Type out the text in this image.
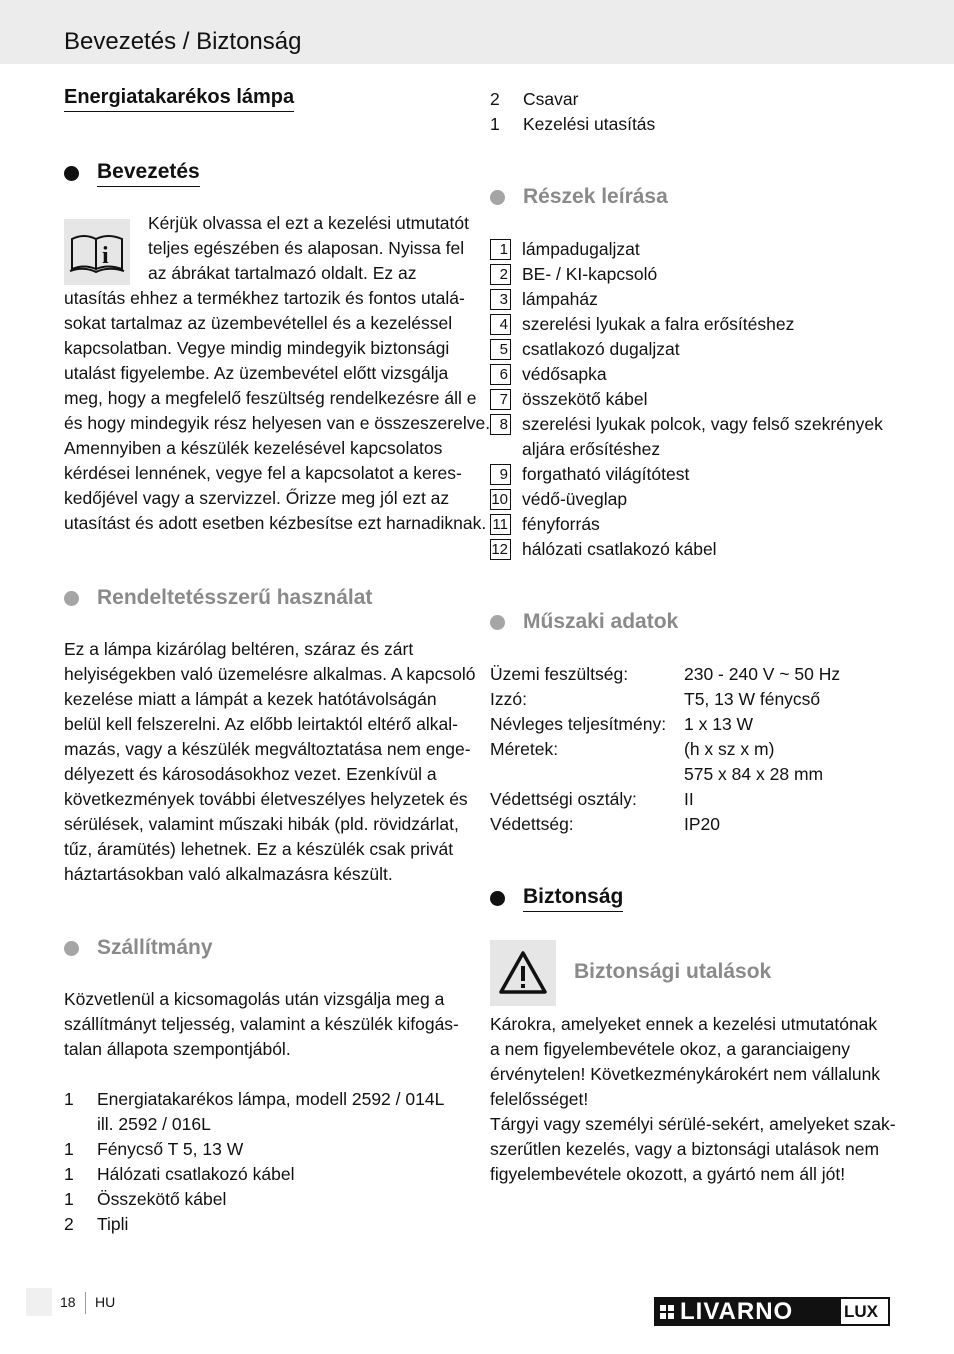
Bevezetés / Biztonság
Energiatakarékos lámpa
Bevezetés
i
Kérjük olvassa el ezt a kezelési utmutatót
teljes egészében és alaposan. Nyissa fel
az ábrákat tartalmazó oldalt. Ez az
utasítás ehhez a termékhez tartozik és fontos utalá-
sokat tartalmaz az üzembevétellel és a kezeléssel
kapcsolatban. Vegye mindig mindegyik biztonsági
utalást figyelembe. Az üzembevétel előtt vizsgálja
meg, hogy a megfelelő feszültség rendelkezésre áll e
és hogy mindegyik rész helyesen van e összeszerelve.
Amennyiben a készülék kezelésével kapcsolatos
kérdései lennének, vegye fel a kapcsolatot a keres-
kedőjével vagy a szervizzel. Őrizze meg jól ezt az
utasítást és adott esetben kézbesítse ezt harnadiknak.
Rendeltetésszerű használat
Ez a lámpa kizárólag beltéren, száraz és zárt
helyiségekben való üzemelésre alkalmas. A kapcsoló
kezelése miatt a lámpát a kezek hatótávolságán
belül kell felszerelni. Az előbb leirtaktól eltérő alkal-
mazás, vagy a készülék megváltoztatása nem enge-
délyezett és károsodásokhoz vezet. Ezenkívül a
következmények további életveszélyes helyzetek és
sérülések, valamint műszaki hibák (pld. rövidzárlat,
tűz, áramütés) lehetnek. Ez a készülék csak privát
háztartásokban való alkalmazásra készült.
Szállítmány
Közvetlenül a kicsomagolás után vizsgálja meg a
szállítmányt teljesség, valamint a készülék kifogás-
talan állapota szempontjából.
1 Energiatakarékos lámpa, modell 2592 / 014L
ill. 2592 / 016L
1 Fénycső T 5, 13 W
1 Hálózati csatlakozó kábel
1 Összekötő kábel
2 Tipli
2 Csavar
1 Kezelési utasítás
Részek leírása
1 lámpadugaljzat
2 BE- / KI-kapcsoló
3 lámpaház
4 szerelési lyukak a falra erősítéshez
5 csatlakozó dugaljzat
6 védősapka
7 összekötő kábel
8 szerelési lyukak polcok, vagy felső szekrények
aljára erősítéshez
9 forgatható világítótest
10 védő-üveglap
11 fényforrás
12 hálózati csatlakozó kábel
Műszaki adatok
Üzemi feszültség:	230 - 240 V ~ 50 Hz
Izzó:	T5, 13 W fénycső
Névleges teljesítmény: 1 x 13 W
Méretek:	(h x sz x m)
575 x 84 x 28 mm
Védettségi osztály:	II
Védettség:	IP20
Biztonság
Biztonsági utalások
Károkra, amelyeket ennek a kezelési utmutatónak
a nem figyelembevétele okoz, a garanciaigeny
érvénytelen! Következménykárokért nem vállalunk
felelősséget!
Tárgyi vagy személyi sérülé-sekért, amelyeket szak-
szerűtlen kezelés, vagy a biztonsági utalások nem
figyelembevétele okozott, a gyártó nem áll jót!
18 HU	LIVARNO	LUX
